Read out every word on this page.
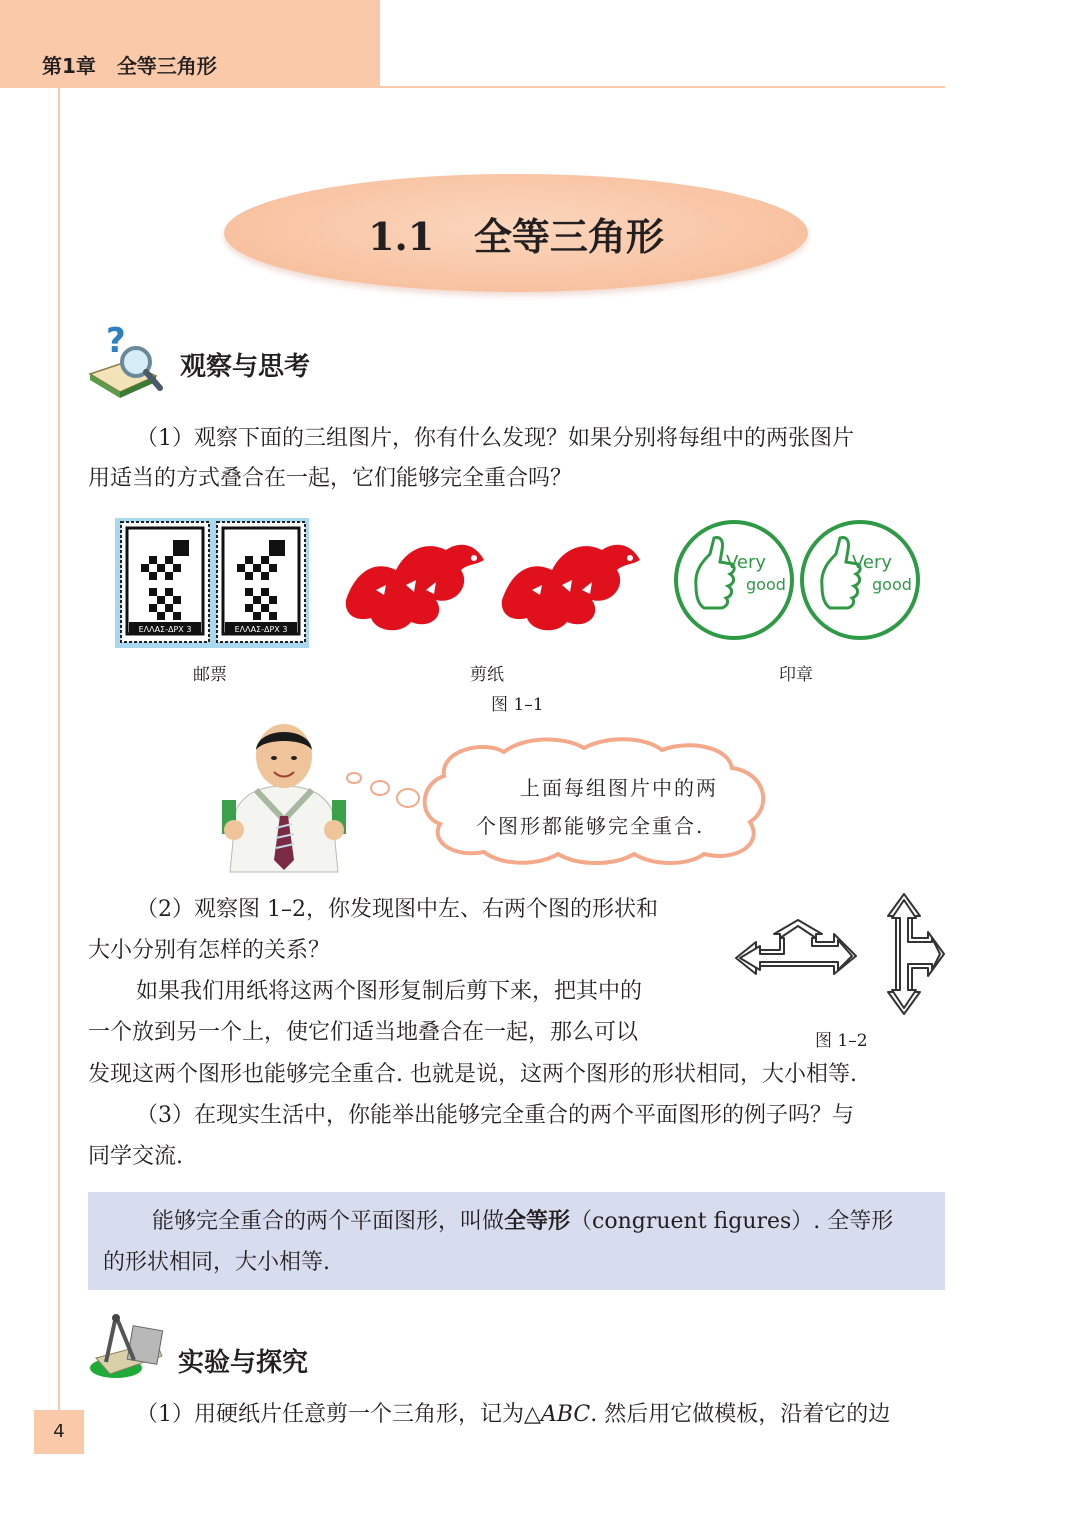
第1章 全等三角形
1.1 全等三角形
?
观察与思考
（1）观察下面的三组图片，你有什么发现？如果分别将每组中的两张图片
用适当的方式叠合在一起，它们能够完全重合吗？
ΕΛΛΑΣ-ΔΡΧ 3	ΕΛΛΑΣ-ΔΡΧ 3
Very
good
Very
good
邮票	剪纸	印章
图 1–1
上面每组图片中的两
个图形都能够完全重合.
（2）观察图 1–2，你发现图中左、右两个图的形状和
大小分别有怎样的关系？
如果我们用纸将这两个图形复制后剪下来，把其中的
一个放到另一个上，使它们适当地叠合在一起，那么可以
发现这两个图形也能够完全重合. 也就是说，这两个图形的形状相同，大小相等.
图 1–2
（3）在现实生活中，你能举出能够完全重合的两个平面图形的例子吗？与
同学交流.
能够完全重合的两个平面图形，叫做全等形（congruent figures）. 全等形
的形状相同，大小相等.
实验与探究
（1）用硬纸片任意剪一个三角形，记为△ABC. 然后用它做模板，沿着它的边
4
